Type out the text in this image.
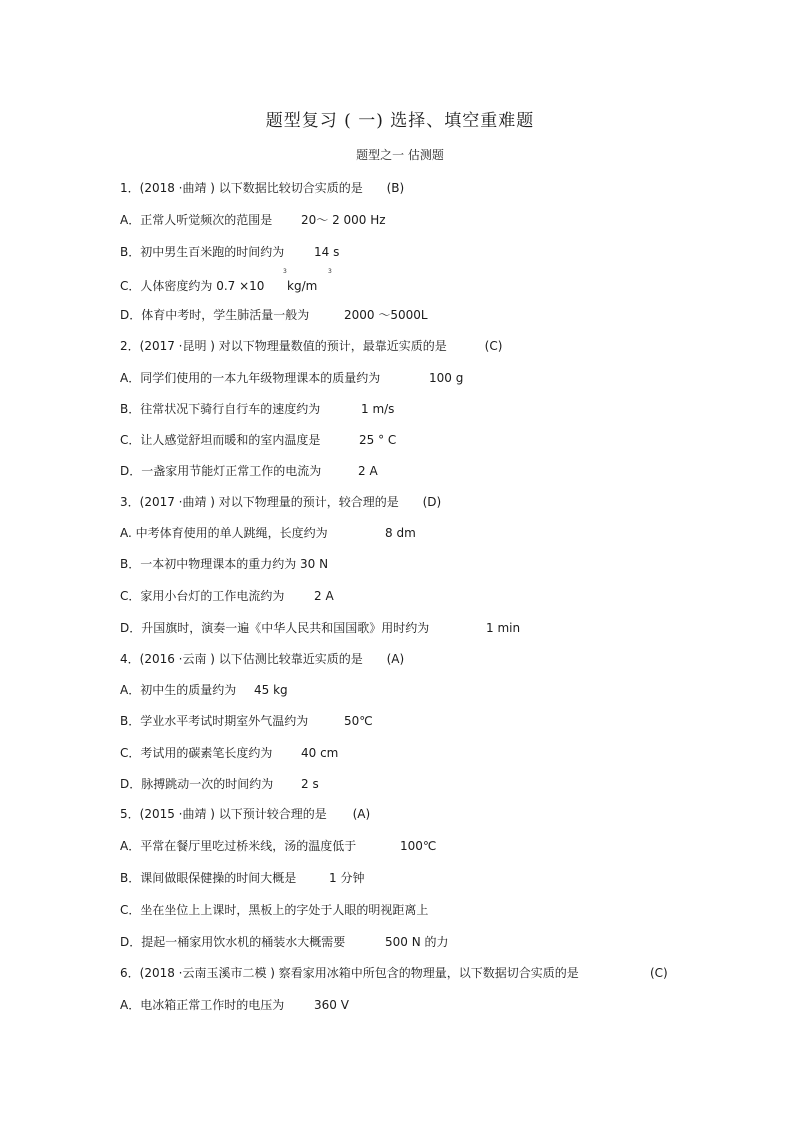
题型复习 ( 一) 选择、填空重难题
题型之一 估测题
1．(2018 ·曲靖 ) 以下数据比较切合实质的是 (B)
A．正常人听觉频次的范围是 20～ 2 000 Hz
B．初中男生百米跑的时间约为 14 s
C．人体密度约为 0.7 ×10
3
kg/m
3
D．体育中考时，学生肺活量一般为	2000 ～5000L
2．(2017 ·昆明 ) 对以下物理量数值的预计，最靠近实质的是	(C)
A．同学们使用的一本九年级物理课本的质量约为	100 g
B．往常状况下骑行自行车的速度约为	1 m/s
C．让人感觉舒坦而暖和的室内温度是	25 ° C
D．一盏家用节能灯正常工作的电流为	2 A
3．(2017 ·曲靖 ) 对以下物理量的预计，较合理的是 (D)
A. 中考体育使用的单人跳绳，长度约为	8 dm
B．一本初中物理课本的重力约为 30 N
C．家用小台灯的工作电流约为 2 A
D．升国旗时，演奏一遍《中华人民共和国国歌》用时约为	1 min
4．(2016 ·云南 ) 以下估测比较靠近实质的是 (A)
A．初中生的质量约为 45 kg
B．学业水平考试时期室外气温约为	50℃
C．考试用的碳素笔长度约为 40 cm
D．脉搏跳动一次的时间约为 2 s
5．(2015 ·曲靖 ) 以下预计较合理的是 (A)
A．平常在餐厅里吃过桥米线，汤的温度低于	100℃
B．课间做眼保健操的时间大概是	1 分钟
C．坐在坐位上上课时，黑板上的字处于人眼的明视距离上
D．提起一桶家用饮水机的桶装水大概需要	500 N 的力
6．(2018 ·云南玉溪市二模 ) 察看家用冰箱中所包含的物理量，以下数据切合实质的是	(C)
A．电冰箱正常工作时的电压为 360 V
